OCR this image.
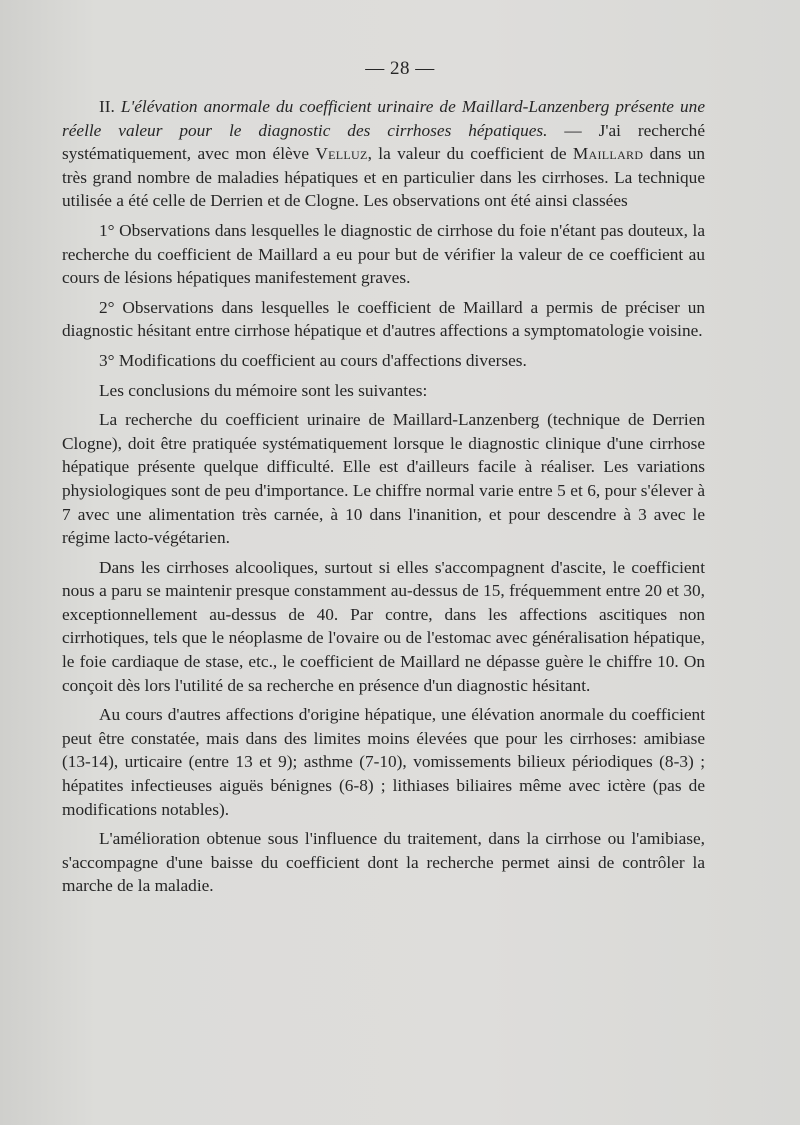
— 28 —

II. L'élévation anormale du coefficient urinaire de Maillard-Lanzenberg présente une réelle valeur pour le diagnostic des cirrhoses hépatiques. — J'ai recherché systématiquement, avec mon élève Velluz, la valeur du coefficient de Maillard dans un très grand nombre de maladies hépatiques et en particulier dans les cirrhoses. La technique utilisée a été celle de Derrien et de Clogne. Les observations ont été ainsi classées

1° Observations dans lesquelles le diagnostic de cirrhose du foie n'étant pas douteux, la recherche du coefficient de Maillard a eu pour but de vérifier la valeur de ce coefficient au cours de lésions hépatiques manifestement graves.

2° Observations dans lesquelles le coefficient de Maillard a permis de préciser un diagnostic hésitant entre cirrhose hépatique et d'autres affections a symptomatologie voisine.

3° Modifications du coefficient au cours d'affections diverses.

Les conclusions du mémoire sont les suivantes:

La recherche du coefficient urinaire de Maillard-Lanzenberg (technique de Derrien Clogne), doit être pratiquée systématiquement lorsque le diagnostic clinique d'une cirrhose hépatique présente quelque difficulté. Elle est d'ailleurs facile à réaliser. Les variations physiologiques sont de peu d'importance. Le chiffre normal varie entre 5 et 6, pour s'élever à 7 avec une alimentation très carnée, à 10 dans l'inanition, et pour descendre à 3 avec le régime lacto-végétarien.

Dans les cirrhoses alcooliques, surtout si elles s'accompagnent d'ascite, le coefficient nous a paru se maintenir presque constamment au-dessus de 15, fréquemment entre 20 et 30, exceptionnellement au-dessus de 40. Par contre, dans les affections ascitiques non cirrhotiques, tels que le néoplasme de l'ovaire ou de l'estomac avec généralisation hépatique, le foie cardiaque de stase, etc., le coefficient de Maillard ne dépasse guère le chiffre 10. On conçoit dès lors l'utilité de sa recherche en présence d'un diagnostic hésitant.

Au cours d'autres affections d'origine hépatique, une élévation anormale du coefficient peut être constatée, mais dans des limites moins élevées que pour les cirrhoses: amibiase (13-14), urticaire (entre 13 et 9); asthme (7-10), vomissements bilieux périodiques (8-3) ; hépatites infectieuses aiguës bénignes (6-8) ; lithiases biliaires même avec ictère (pas de modifications notables).

L'amélioration obtenue sous l'influence du traitement, dans la cirrhose ou l'amibiase, s'accompagne d'une baisse du coefficient dont la recherche permet ainsi de contrôler la marche de la maladie.
